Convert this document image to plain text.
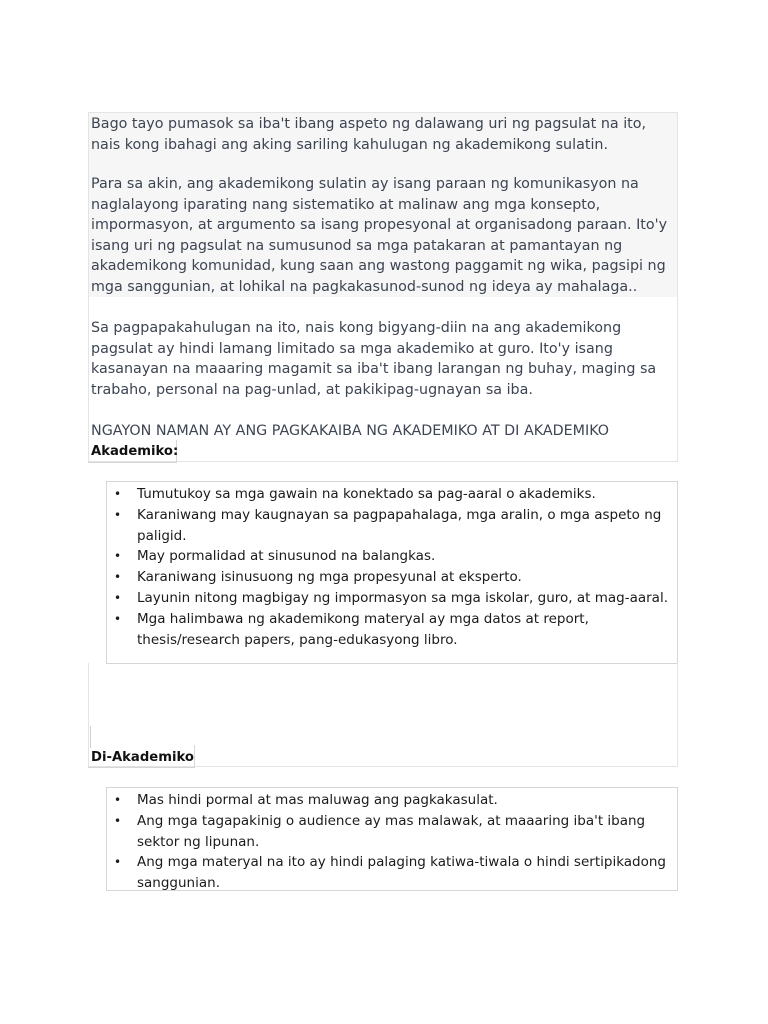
Bago tayo pumasok sa iba't ibang aspeto ng dalawang uri ng pagsulat na ito, nais kong ibahagi ang aking sariling kahulugan ng akademikong sulatin.

Para sa akin, ang akademikong sulatin ay isang paraan ng komunikasyon na naglalayong iparating nang sistematiko at malinaw ang mga konsepto, impormasyon, at argumento sa isang propesyonal at organisadong paraan. Ito'y isang uri ng pagsulat na sumusunod sa mga patakaran at pamantayan ng akademikong komunidad, kung saan ang wastong paggamit ng wika, pagsipi ng mga sanggunian, at lohikal na pagkakasunod-sunod ng ideya ay mahalaga..

Sa pagpapakahulugan na ito, nais kong bigyang-diin na ang akademikong pagsulat ay hindi lamang limitado sa mga akademiko at guro. Ito'y isang kasanayan na maaaring magamit sa iba't ibang larangan ng buhay, maging sa trabaho, personal na pag-unlad, at pakikipag-ugnayan sa iba.

NGAYON NAMAN AY ANG PAGKAKAIBA NG AKADEMIKO AT DI AKADEMIKO
Akademiko:
• Tumutukoy sa mga gawain na konektado sa pag-aaral o akademiks.
• Karaniwang may kaugnayan sa pagpapahalaga, mga aralin, o mga aspeto ng paligid.
• May pormalidad at sinusunod na balangkas.
• Karaniwang isinusuong ng mga propesyunal at eksperto.
• Layunin nitong magbigay ng impormasyon sa mga iskolar, guro, at mag-aaral.
• Mga halimbawa ng akademikong materyal ay mga datos at report, thesis/research papers, pang-edukasyong libro.
Di-Akademiko
• Mas hindi pormal at mas maluwag ang pagkakasulat.
• Ang mga tagapakinig o audience ay mas malawak, at maaaring iba't ibang sektor ng lipunan.
• Ang mga materyal na ito ay hindi palaging katiwa-tiwala o hindi sertipikadong sanggunian.
